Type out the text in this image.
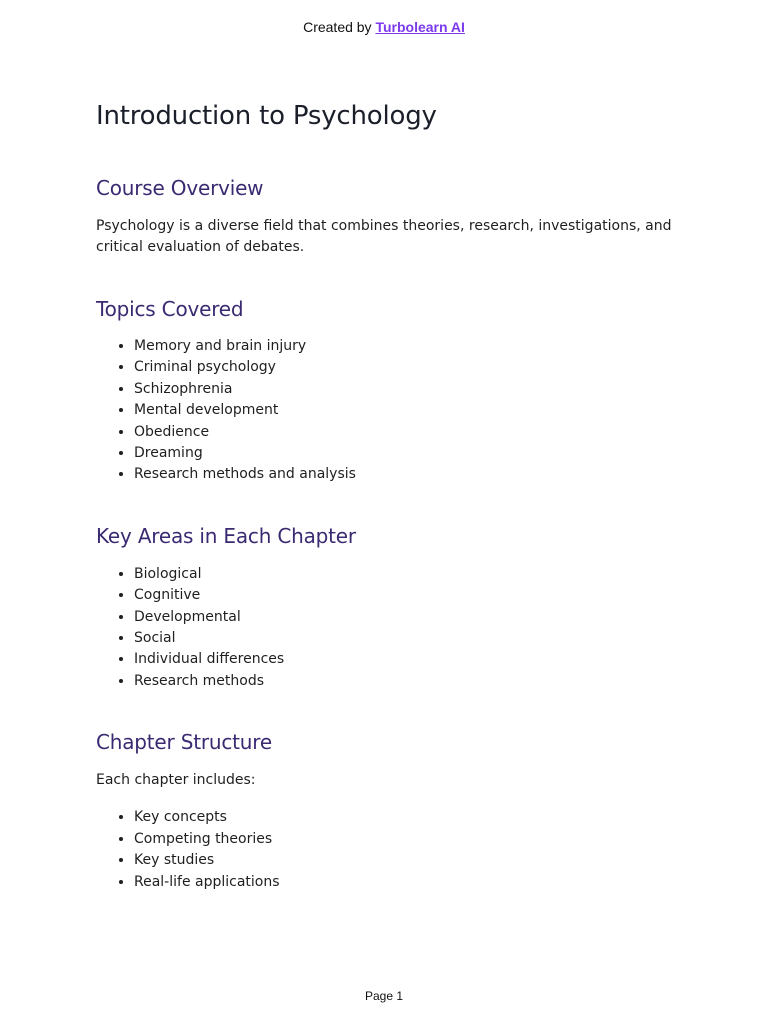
Created by Turbolearn AI
Introduction to Psychology
Course Overview

Psychology is a diverse field that combines theories, research, investigations, and critical evaluation of debates.

Topics Covered
• Memory and brain injury
• Criminal psychology
• Schizophrenia
• Mental development
• Obedience
• Dreaming
• Research methods and analysis
Key Areas in Each Chapter
• Biological
• Cognitive
• Developmental
• Social
• Individual differences
• Research methods
Chapter Structure

Each chapter includes:

• Key concepts
• Competing theories
• Key studies
• Real-life applications
Page 1
